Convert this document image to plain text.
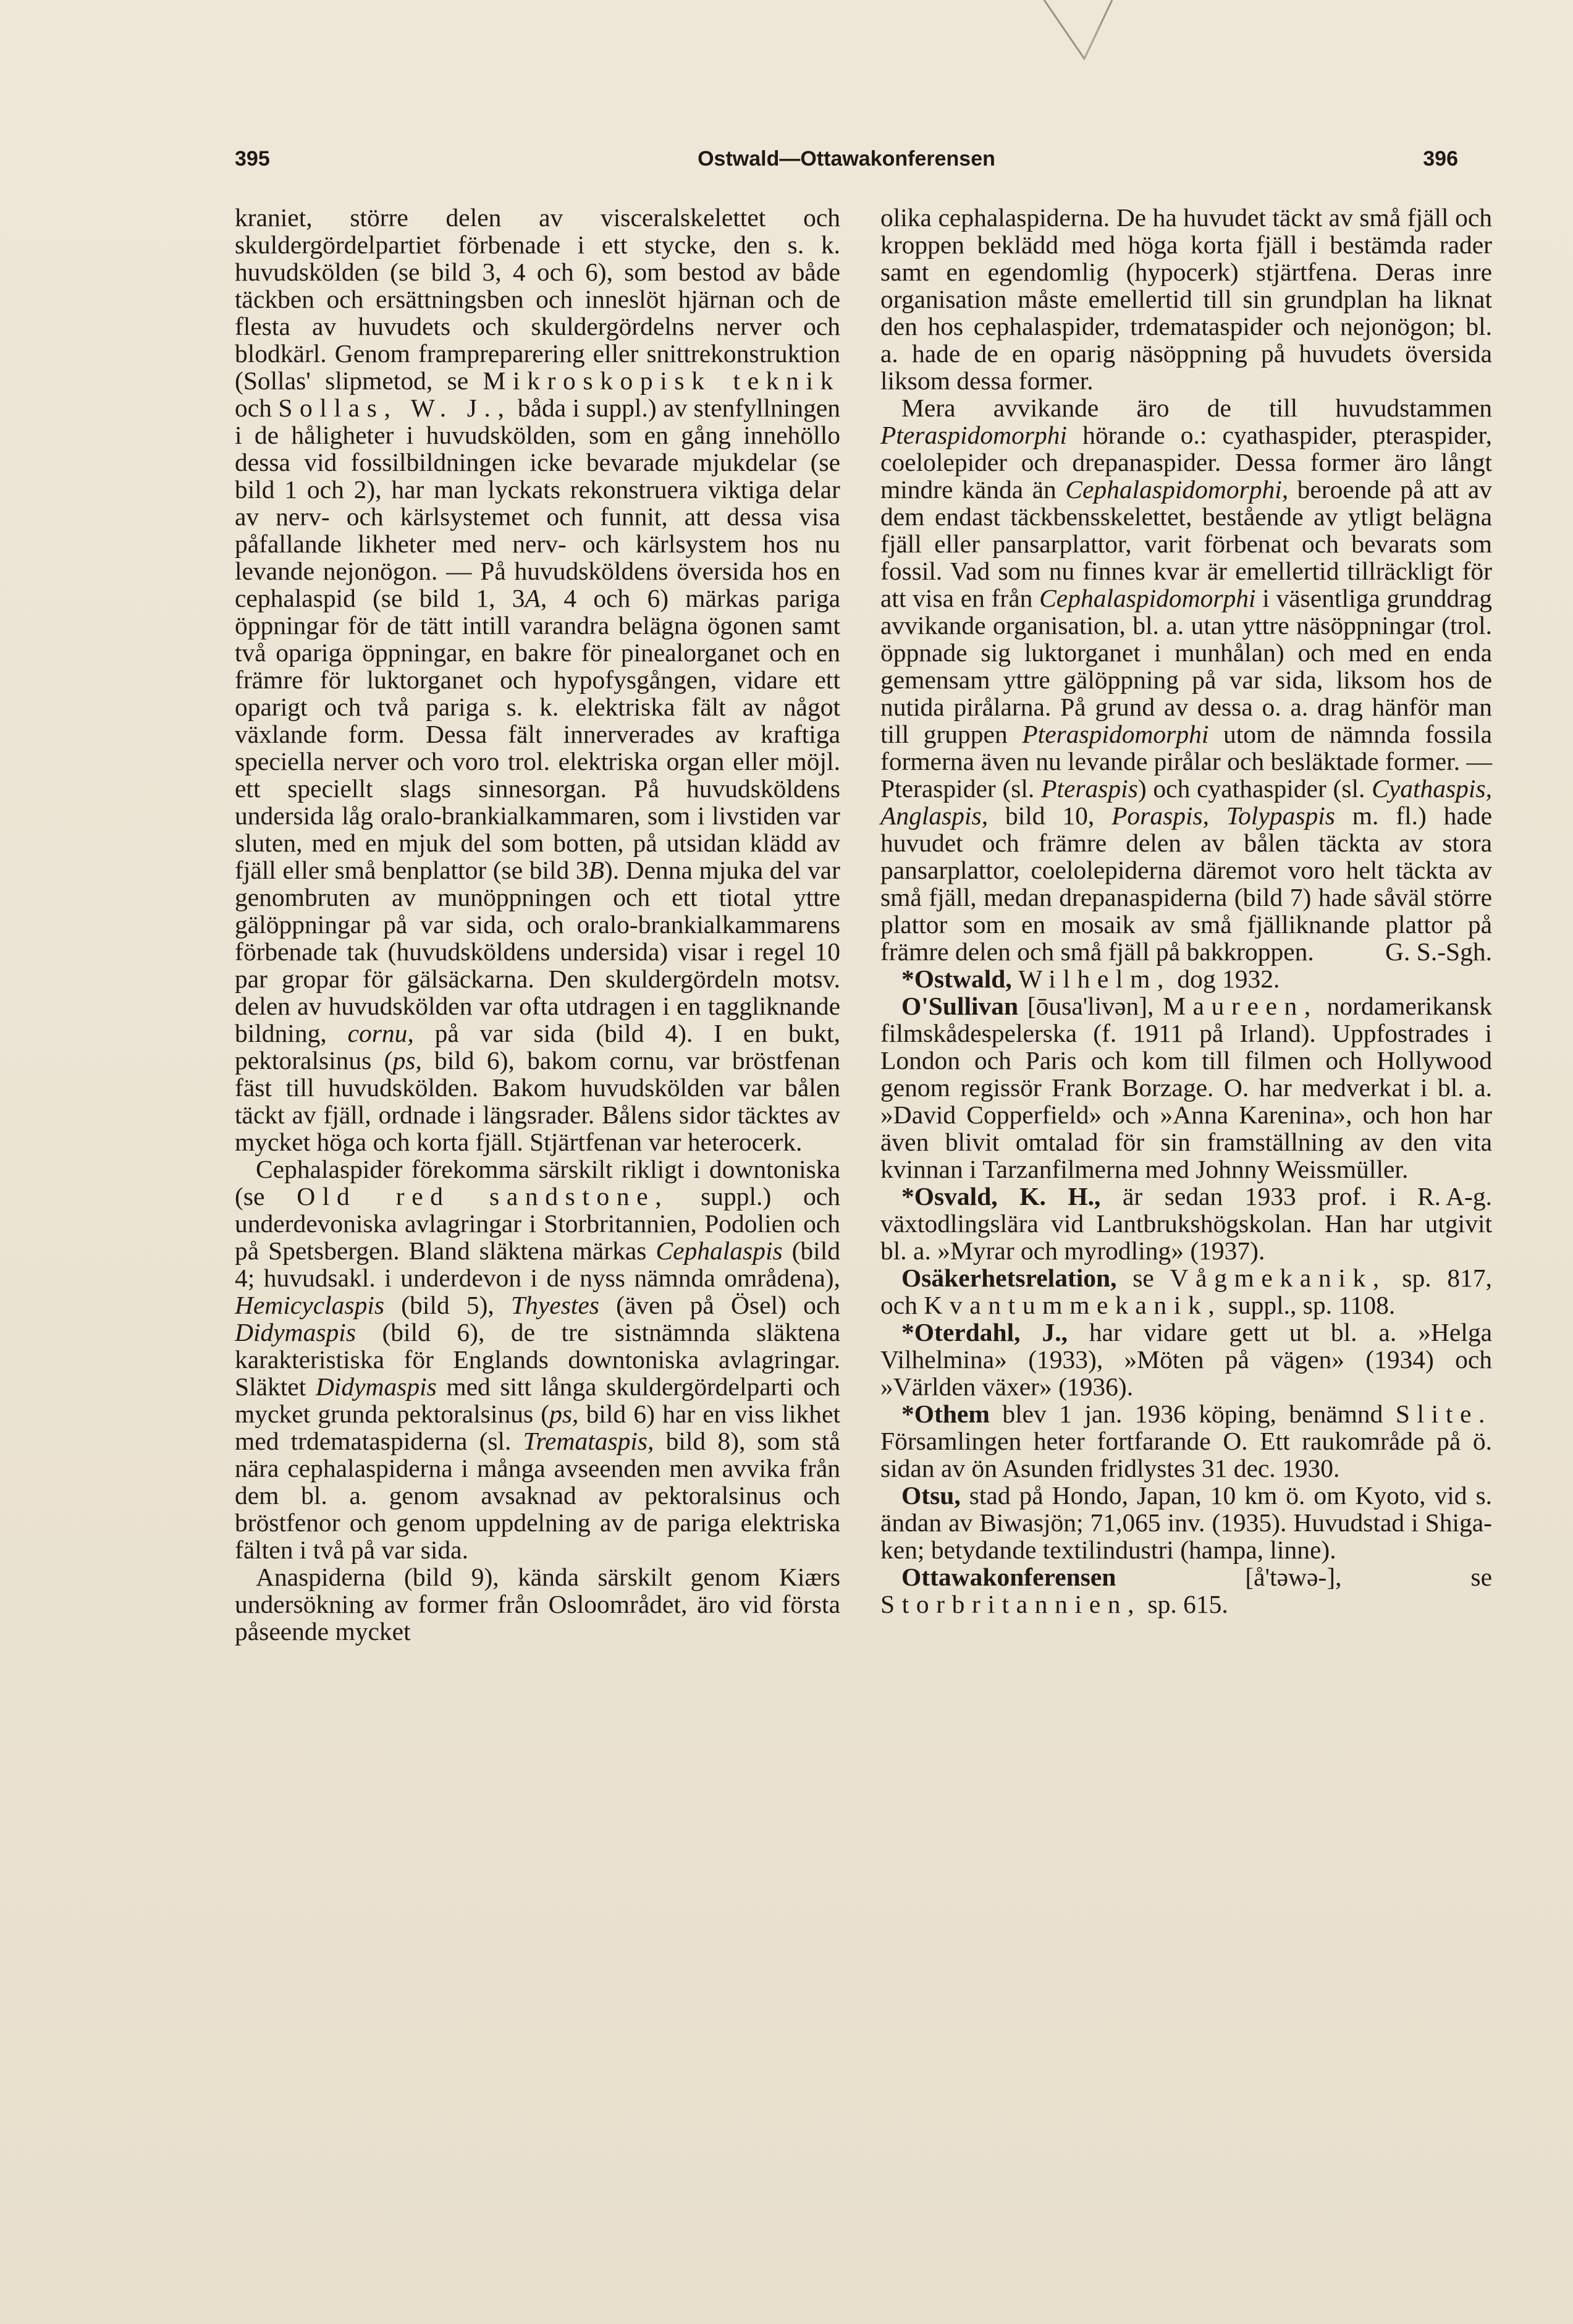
395	Ostwald—Ottawakonferensen	396

kraniet, större delen av visceralskelettet och skuldergördelpartiet förbenade i ett stycke, den s. k. huvudskölden (se bild 3, 4 och 6), som bestod av både täckben och ersättningsben och inneslöt hjärnan och de flesta av huvudets och skuldergördelns nerver och blodkärl. Genom frampreparering eller snittrekonstruktion (Sollas' slipmetod, se Mikroskopisk teknik och Sollas, W. J., båda i suppl.) av stenfyllningen i de håligheter i huvudskölden, som en gång innehöllo dessa vid fossilbildningen icke bevarade mjukdelar (se bild 1 och 2), har man lyckats rekonstruera viktiga delar av nerv- och kärlsystemet och funnit, att dessa visa påfallande likheter med nerv- och kärlsystem hos nu levande nejonögon. — På huvudsköldens översida hos en cephalaspid (se bild 1, 3A, 4 och 6) märkas pariga öppningar för de tätt intill varandra belägna ögonen samt två opariga öppningar, en bakre för pinealorganet och en främre för luktorganet och hypofysgången, vidare ett oparigt och två pariga s. k. elektriska fält av något växlande form. Dessa fält innerverades av kraftiga speciella nerver och voro trol. elektriska organ eller möjl. ett speciellt slags sinnesorgan. På huvudsköldens undersida låg oralo-brankialkammaren, som i livstiden var sluten, med en mjuk del som botten, på utsidan klädd av fjäll eller små benplattor (se bild 3B). Denna mjuka del var genombruten av munöppningen och ett tiotal yttre gälöppningar på var sida, och oralo-brankialkammarens förbenade tak (huvudsköldens undersida) visar i regel 10 par gropar för gälsäckarna. Den skuldergördeln motsv. delen av huvudskölden var ofta utdragen i en taggliknande bildning, cornu, på var sida (bild 4). I en bukt, pektoralsinus (ps, bild 6), bakom cornu, var bröstfenan fäst till huvudskölden. Bakom huvudskölden var bålen täckt av fjäll, ordnade i längsrader. Bålens sidor täcktes av mycket höga och korta fjäll. Stjärtfenan var heterocerk.

Cephalaspider förekomma särskilt rikligt i downtoniska (se Old red sandstone, suppl.) och underdevoniska avlagringar i Storbritannien, Podolien och på Spetsbergen. Bland släktena märkas Cephalaspis (bild 4; huvudsakl. i underdevon i de nyss nämnda områdena), Hemicyclaspis (bild 5), Thyestes (även på Ösel) och Didymaspis (bild 6), de tre sistnämnda släktena karakteristiska för Englands downtoniska avlagringar. Släktet Didymaspis med sitt långa skuldergördelparti och mycket grunda pektoralsinus (ps, bild 6) har en viss likhet med trdemataspiderna (sl. Tremataspis, bild 8), som stå nära cephalaspiderna i många avseenden men avvika från dem bl. a. genom avsaknad av pektoralsinus och bröstfenor och genom uppdelning av de pariga elektriska fälten i två på var sida.

Anaspiderna (bild 9), kända särskilt genom Kiærs undersökning av former från Osloområdet, äro vid första påseende mycket

olika cephalaspiderna. De ha huvudet täckt av små fjäll och kroppen beklädd med höga korta fjäll i bestämda rader samt en egendomlig (hypocerk) stjärtfena. Deras inre organisation måste emellertid till sin grundplan ha liknat den hos cephalaspider, trdemataspider och nejonögon; bl. a. hade de en oparig näsöppning på huvudets översida liksom dessa former.

Mera avvikande äro de till huvudstammen Pteraspidomorphi hörande o.: cyathaspider, pteraspider, coelolepider och drepanaspider. Dessa former äro långt mindre kända än Cephalaspidomorphi, beroende på att av dem endast täckbensskelettet, bestående av ytligt belägna fjäll eller pansarplattor, varit förbenat och bevarats som fossil. Vad som nu finnes kvar är emellertid tillräckligt för att visa en från Cephalaspidomorphi i väsentliga grunddrag avvikande organisation, bl. a. utan yttre näsöppningar (trol. öppnade sig luktorganet i munhålan) och med en enda gemensam yttre gälöppning på var sida, liksom hos de nutida pirålarna. På grund av dessa o. a. drag hänför man till gruppen Pteraspidomorphi utom de nämnda fossila formerna även nu levande pirålar och besläktade former. — Pteraspider (sl. Pteraspis) och cyathaspider (sl. Cyathaspis, Anglaspis, bild 10, Poraspis, Tolypaspis m. fl.) hade huvudet och främre delen av bålen täckta av stora pansarplattor, coelolepiderna däremot voro helt täckta av små fjäll, medan drepanaspiderna (bild 7) hade såväl större plattor som en mosaik av små fjälliknande plattor på främre delen och små fjäll på bakkroppen.	G. S.-Sgh.

*Ostwald, Wilhelm, dog 1932.

O'Sullivan [ōusa'livən], Maureen, nordamerikansk filmskådespelerska (f. 1911 på Irland). Uppfostrades i London och Paris och kom till filmen och Hollywood genom regissör Frank Borzage. O. har medverkat i bl. a. »David Copperfield» och »Anna Karenina», och hon har även blivit omtalad för sin framställning av den vita kvinnan i Tarzanfilmerna med Johnny Weissmüller.
R. A-g.

*Osvald, K. H., är sedan 1933 prof. i växtodlingslära vid Lantbrukshögskolan. Han har utgivit bl. a. »Myrar och myrodling» (1937).

Osäkerhetsrelation, se Vågmekanik, sp. 817, och Kvantummekanik, suppl., sp. 1108.

*Oterdahl, J., har vidare gett ut bl. a. »Helga Vilhelmina» (1933), »Möten på vägen» (1934) och »Världen växer» (1936).

*Othem blev 1 jan. 1936 köping, benämnd Slite. Församlingen heter fortfarande O. Ett raukområde på ö. sidan av ön Asunden fridlystes 31 dec. 1930.

Otsu, stad på Hondo, Japan, 10 km ö. om Kyoto, vid s. ändan av Biwasjön; 71,065 inv. (1935). Huvudstad i Shiga-ken; betydande textilindustri (hampa, linne).

Ottawakonferensen [å'təwə-], se Storbritannien, sp. 615.
